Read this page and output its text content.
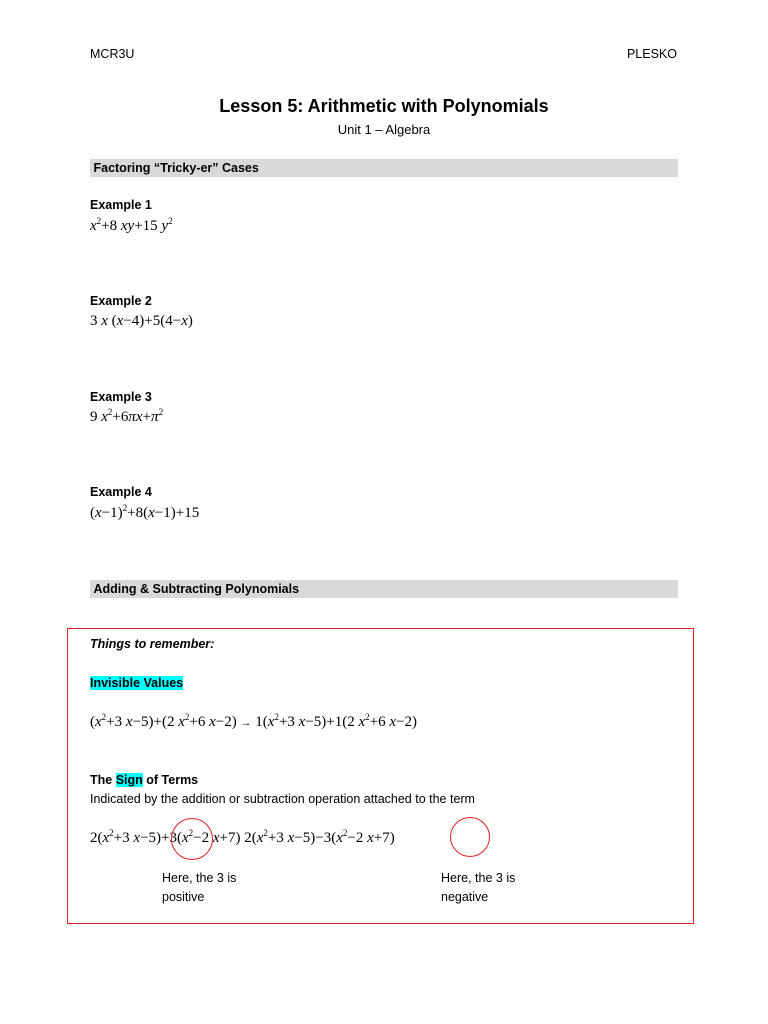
MCR3U	PLESKO
Lesson 5: Arithmetic with Polynomials
Unit 1 – Algebra
Factoring “Tricky-er” Cases
Example 1
$x^2+8$ xy+15 $y^2$
Example 2
3 x (x−4)+5(4−x)
Example 3
9 $x^2+6\pi x+\pi^2$
Example 4
$(x-1)^2+8(x-1)+15$
Adding & Subtracting Polynomials
Things to remember:
Invisible Values
($x^2+3$ x−5)+(2 $x^2+6$ $x-2) \to 1(x^2+3$ x−5)+1(2 $x^2+6$ x−2)
The Sign of Terms
Indicated by the addition or subtraction operation attached to the term
$2(x^2+3$ $x-5)+3(x^2-2$ x+7) $2(x^2+3$ $x-5)-3(x^2-2$ x+7)
Here, the 3 is positive
Here, the 3 is negative
